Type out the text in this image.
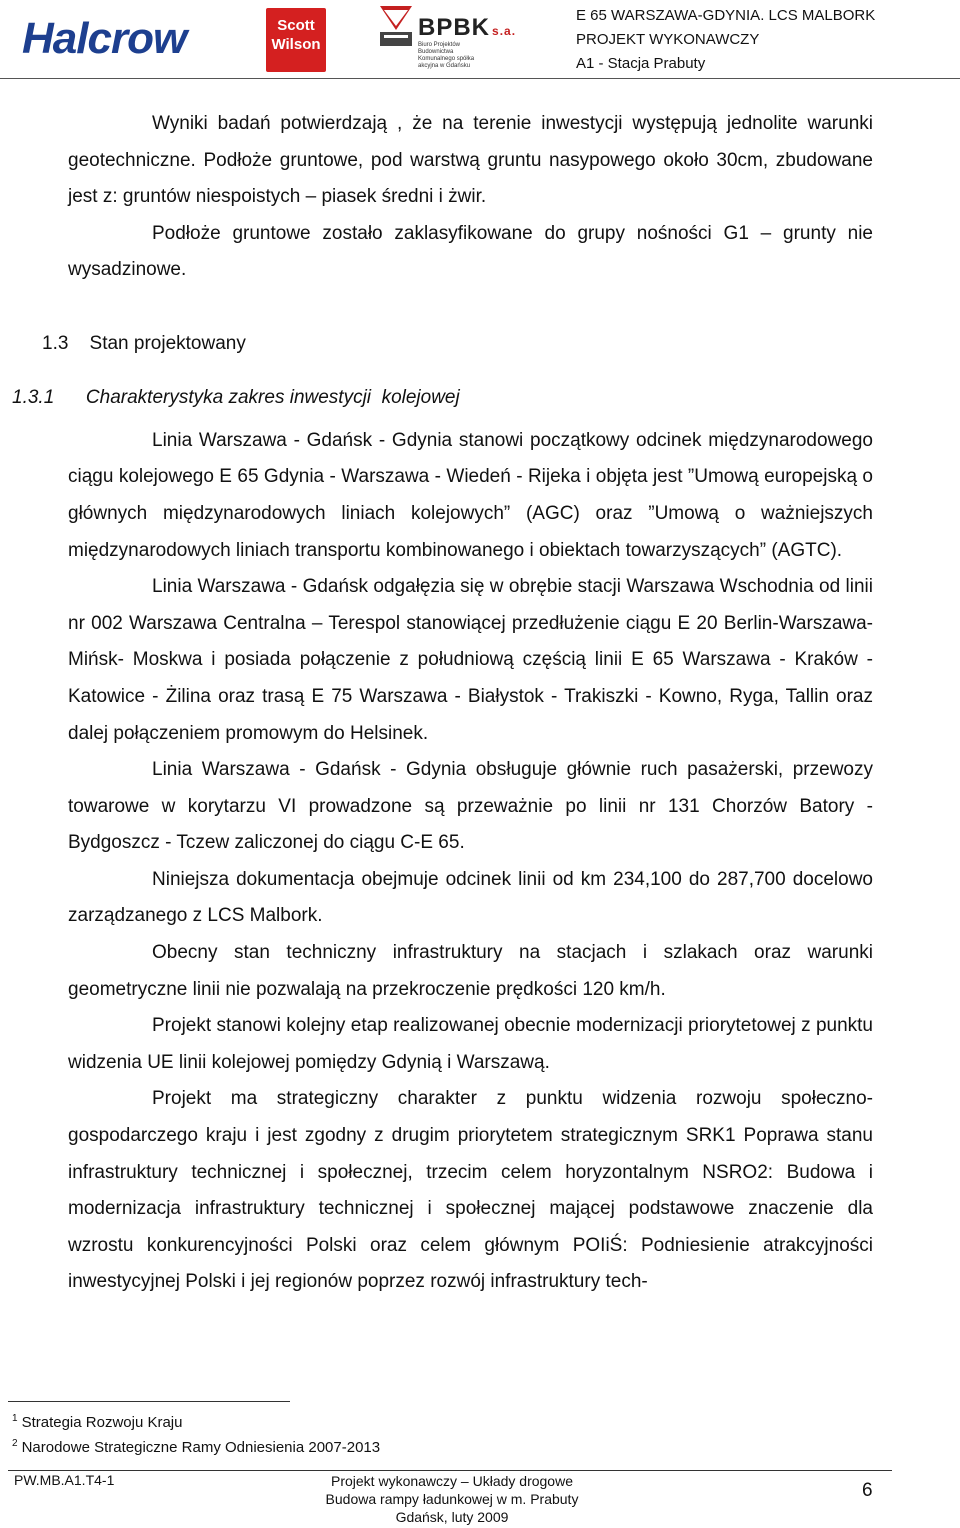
Halcrow	Scott
Wilson
BPBK s.a.
Biuro Projektów Budownictwa Komunalnego spółka akcyjna w Gdańsku
E 65 WARSZAWA-GDYNIA. LCS MALBORK
PROJEKT WYKONAWCZY
A1 - Stacja Prabuty

Wyniki badań potwierdzają , że na terenie inwestycji występują jednolite warunki geotechniczne. Podłoże gruntowe, pod warstwą gruntu nasypowego około 30cm, zbudowane jest z: gruntów niespoistych – piasek średni i żwir.

Podłoże gruntowe zostało zaklasyfikowane do grupy nośności G1 – grunty nie wysadzinowe.

1.3    Stan projektowany

1.3.1      Charakterystyka zakres inwestycji  kolejowej

Linia Warszawa - Gdańsk - Gdynia stanowi początkowy odcinek międzynarodowego ciągu kolejowego E 65 Gdynia - Warszawa - Wiedeń - Rijeka i objęta jest ”Umową europejską o głównych międzynarodowych liniach kolejowych” (AGC) oraz ”Umową o ważniejszych międzynarodowych liniach transportu kombinowanego i obiektach towarzyszących” (AGTC).

Linia Warszawa - Gdańsk odgałęzia się w obrębie stacji Warszawa Wschodnia od linii nr 002 Warszawa Centralna – Terespol stanowiącej przedłużenie ciągu E 20 Berlin-Warszawa- Mińsk- Moskwa i posiada połączenie z południową częścią linii E 65 Warszawa - Kraków - Katowice - Żilina oraz trasą E 75 Warszawa - Białystok - Trakiszki - Kowno, Ryga, Tallin oraz dalej połączeniem promowym do Helsinek.

Linia Warszawa - Gdańsk - Gdynia obsługuje głównie ruch pasażerski, przewozy towarowe w korytarzu VI prowadzone są przeważnie po linii nr 131 Chorzów Batory - Bydgoszcz - Tczew zaliczonej do ciągu C-E 65.

Niniejsza dokumentacja obejmuje odcinek linii od km 234,100 do 287,700 docelowo zarządzanego z LCS Malbork.

Obecny stan techniczny infrastruktury na stacjach i szlakach oraz warunki geometryczne linii nie pozwalają na przekroczenie prędkości 120 km/h.

Projekt stanowi kolejny etap realizowanej obecnie modernizacji priorytetowej z punktu widzenia UE linii kolejowej pomiędzy Gdynią i Warszawą.

Projekt ma strategiczny charakter z punktu widzenia rozwoju społeczno-gospodarczego kraju i jest zgodny z drugim priorytetem strategicznym SRK1 Poprawa stanu infrastruktury technicznej i społecznej, trzecim celem horyzontalnym NSRO2: Budowa i modernizacja infrastruktury technicznej i społecznej mającej podstawowe znaczenie dla wzrostu konkurencyjności Polski oraz celem głównym POIiŚ: Podniesienie atrakcyjności inwestycyjnej Polski i jej regionów poprzez rozwój infrastruktury tech-

$^1$ Strategia Rozwoju Kraju
$^2$ Narodowe Strategiczne Ramy Odniesienia 2007-2013
PW.MB.A1.T4-1	Projekt wykonawczy – Układy drogowe
Budowa rampy ładunkowej w m. Prabuty
Gdańsk, luty 2009
6
